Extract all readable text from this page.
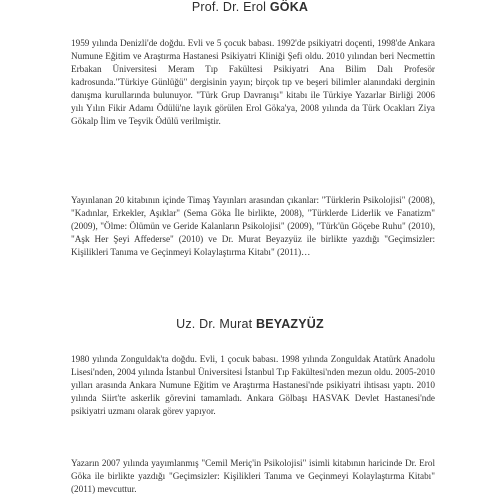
Prof. Dr. Erol GÖKA

1959 yılında Denizli'de doğdu. Evli ve 5 çocuk babası. 1992'de psikiyatri doçenti, 1998'de Ankara Numune Eğitim ve Araştırma Hastanesi Psikiyatri Kliniği Şefi oldu. 2010 yılından beri Necmettin Erbakan Üniversitesi Meram Tıp Fakültesi Psikiyatri Ana Bilim Dalı Profesör kadrosunda."Türkiye Günlüğü" dergisinin yayın; birçok tıp ve beşeri bilimler alanındaki derginin danışma kurullarında bulunuyor. "Türk Grup Davranışı" kitabı ile Türkiye Yazarlar Birliği 2006 yılı Yılın Fikir Adamı Ödülü'ne layık görülen Erol Göka'ya, 2008 yılında da Türk Ocakları Ziya Gökalp İlim ve Teşvik Ödülü verilmiştir.

Yayınlanan 20 kitabının içinde Timaş Yayınları arasından çıkanlar: "Türklerin Psikolojisi" (2008), "Kadınlar, Erkekler, Aşıklar" (Sema Göka İle birlikte, 2008), "Türklerde Liderlik ve Fanatizm" (2009), "Ölme: Ölümün ve Geride Kalanların Psikolojisi" (2009), "Türk'ün Göçebe Ruhu" (2010), "Aşk Her Şeyi Affederse" (2010) ve Dr. Murat Beyazyüz ile birlikte yazdığı "Geçimsizler: Kişilikleri Tanıma ve Geçinmeyi Kolaylaştırma Kitabı" (2011)…

Uz. Dr. Murat BEYAZYÜZ

1980 yılında Zonguldak'ta doğdu. Evli, 1 çocuk babası. 1998 yılında Zonguldak Atatürk Anadolu Lisesi'nden, 2004 yılında İstanbul Üniversitesi İstanbul Tıp Fakültesi'nden mezun oldu. 2005-2010 yılları arasında Ankara Numune Eğitim ve Araştırma Hastanesi'nde psikiyatri ihtisası yaptı. 2010 yılında Siirt'te askerlik görevini tamamladı. Ankara Gölbaşı HASVAK Devlet Hastanesi'nde psikiyatri uzmanı olarak görev yapıyor.

Yazarın 2007 yılında yayımlanmış "Cemil Meriç'in Psikolojisi" isimli kitabının haricinde Dr. Erol Göka ile birlikte yazdığı "Geçimsizler: Kişilikleri Tanıma ve Geçinmeyi Kolaylaştırma Kitabı" (2011) mevcuttur.
